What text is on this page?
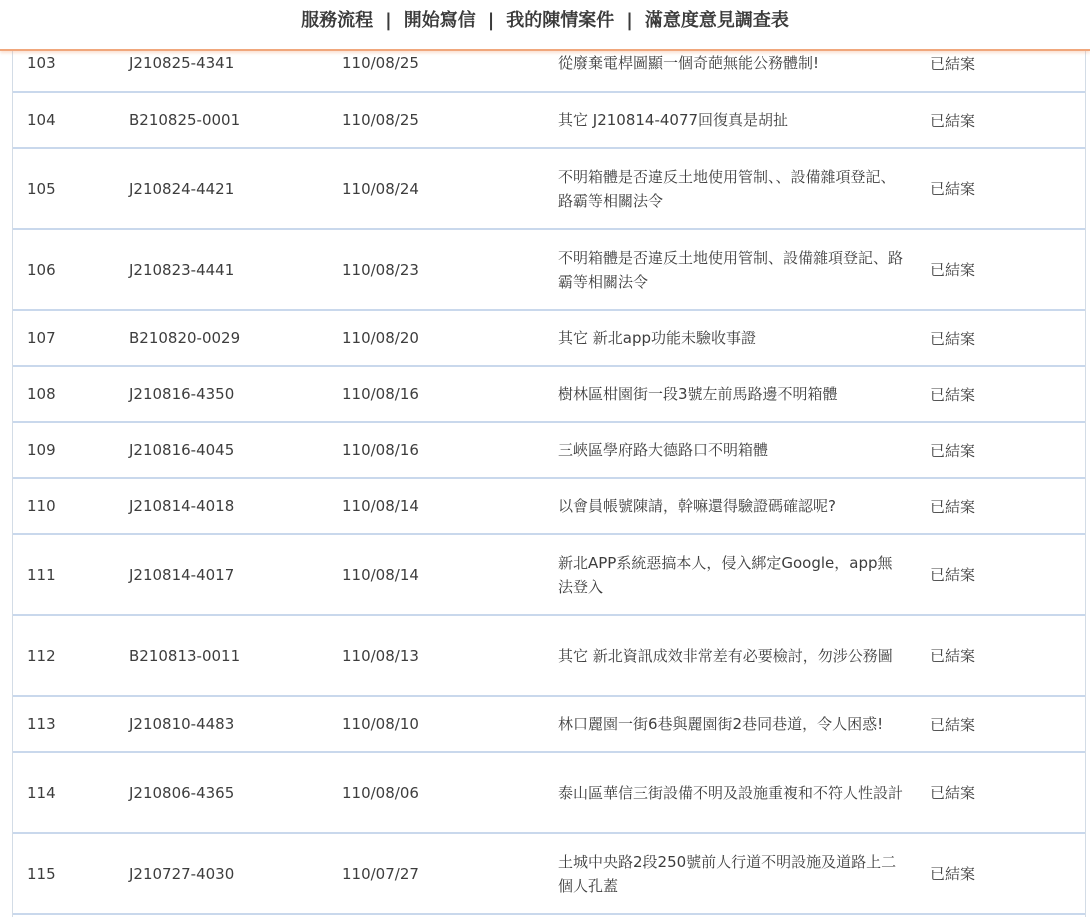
服務流程 | 開始寫信 | 我的陳情案件 | 滿意度意見調查表
103	J210825-4341	110/08/25	從廢棄電桿圖顯一個奇葩無能公務體制!	已結案
104	B210825-0001	110/08/25	其它 J210814-4077回復真是胡扯	已結案
105	J210824-4421	110/08/24	不明箱體是否違反土地使用管制、、設備雜項登記、路霸等相關法令	已結案
106	J210823-4441	110/08/23	不明箱體是否違反土地使用管制、設備雜項登記、路霸等相關法令	已結案
107	B210820-0029	110/08/20	其它 新北app功能未驗收事證	已結案
108	J210816-4350	110/08/16	樹林區柑園街一段3號左前馬路邊不明箱體	已結案
109	J210816-4045	110/08/16	三峽區學府路大德路口不明箱體	已結案
110	J210814-4018	110/08/14	以會員帳號陳請，幹嘛還得驗證碼確認呢?	已結案
111	J210814-4017	110/08/14	新北APP系統惡搞本人，侵入綁定Google，app無法登入	已結案
112	B210813-0011	110/08/13	其它 新北資訊成效非常差有必要檢討，勿涉公務圖	已結案
113	J210810-4483	110/08/10	林口麗園一街6巷與麗園街2巷同巷道，令人困惑!	已結案
114	J210806-4365	110/08/06	泰山區華信三街設備不明及設施重複和不符人性設計	已結案
115	J210727-4030	110/07/27	土城中央路2段250號前人行道不明設施及道路上二個人孔蓋	已結案
